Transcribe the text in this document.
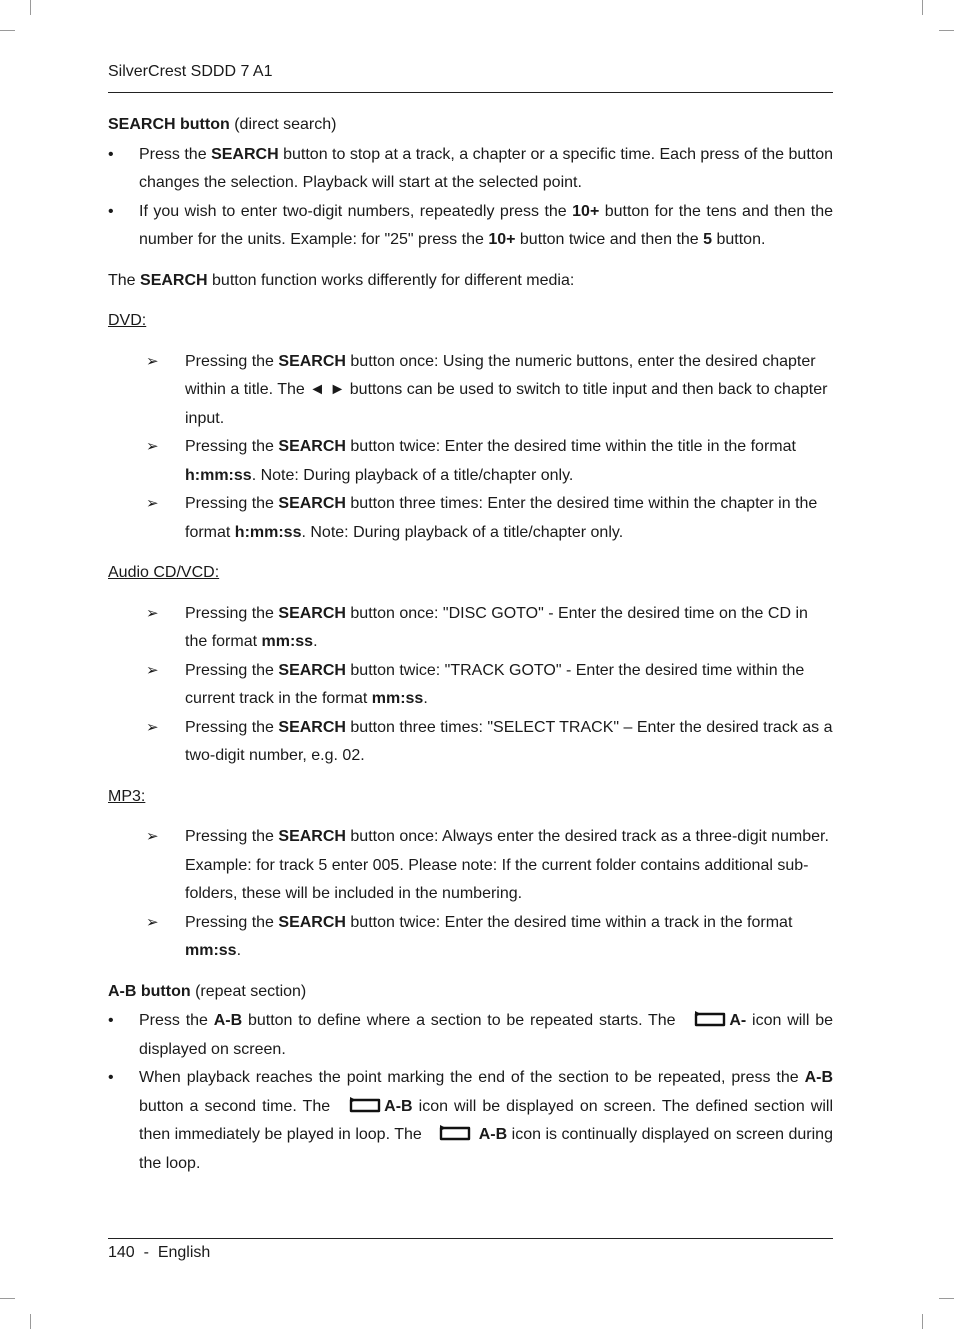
SilverCrest SDDD 7 A1

SEARCH button (direct search)

• Press the SEARCH button to stop at a track, a chapter or a specific time. Each press of the button changes the selection. Playback will start at the selected point.
• If you wish to enter two-digit numbers, repeatedly press the 10+ button for the tens and then the number for the units. Example: for "25" press the 10+ button twice and then the 5 button.

The SEARCH button function works differently for different media:

DVD:

➢ Pressing the SEARCH button once: Using the numeric buttons, enter the desired chapter within a title. The ◄ ► buttons can be used to switch to title input and then back to chapter input.
➢ Pressing the SEARCH button twice: Enter the desired time within the title in the format h:mm:ss. Note: During playback of a title/chapter only.
➢ Pressing the SEARCH button three times: Enter the desired time within the chapter in the format h:mm:ss. Note: During playback of a title/chapter only.

Audio CD/VCD:

➢ Pressing the SEARCH button once: "DISC GOTO" - Enter the desired time on the CD in the format mm:ss.
➢ Pressing the SEARCH button twice: "TRACK GOTO" - Enter the desired time within the current track in the format mm:ss.
➢ Pressing the SEARCH button three times: "SELECT TRACK" – Enter the desired track as a two-digit number, e.g. 02.

MP3:

➢ Pressing the SEARCH button once: Always enter the desired track as a three-digit number. Example: for track 5 enter 005. Please note: If the current folder contains additional sub-folders, these will be included in the numbering.
➢ Pressing the SEARCH button twice: Enter the desired time within a track in the format mm:ss.

A-B button (repeat section)

• Press the A-B button to define where a section to be repeated starts. The	A- icon will be displayed on screen.
• When playback reaches the point marking the end of the section to be repeated, press the A-B button a second time. The	A-B icon will be displayed on screen. The defined section will then immediately be played in loop. The	A-B icon is continually displayed on screen during the loop.
140 - English
